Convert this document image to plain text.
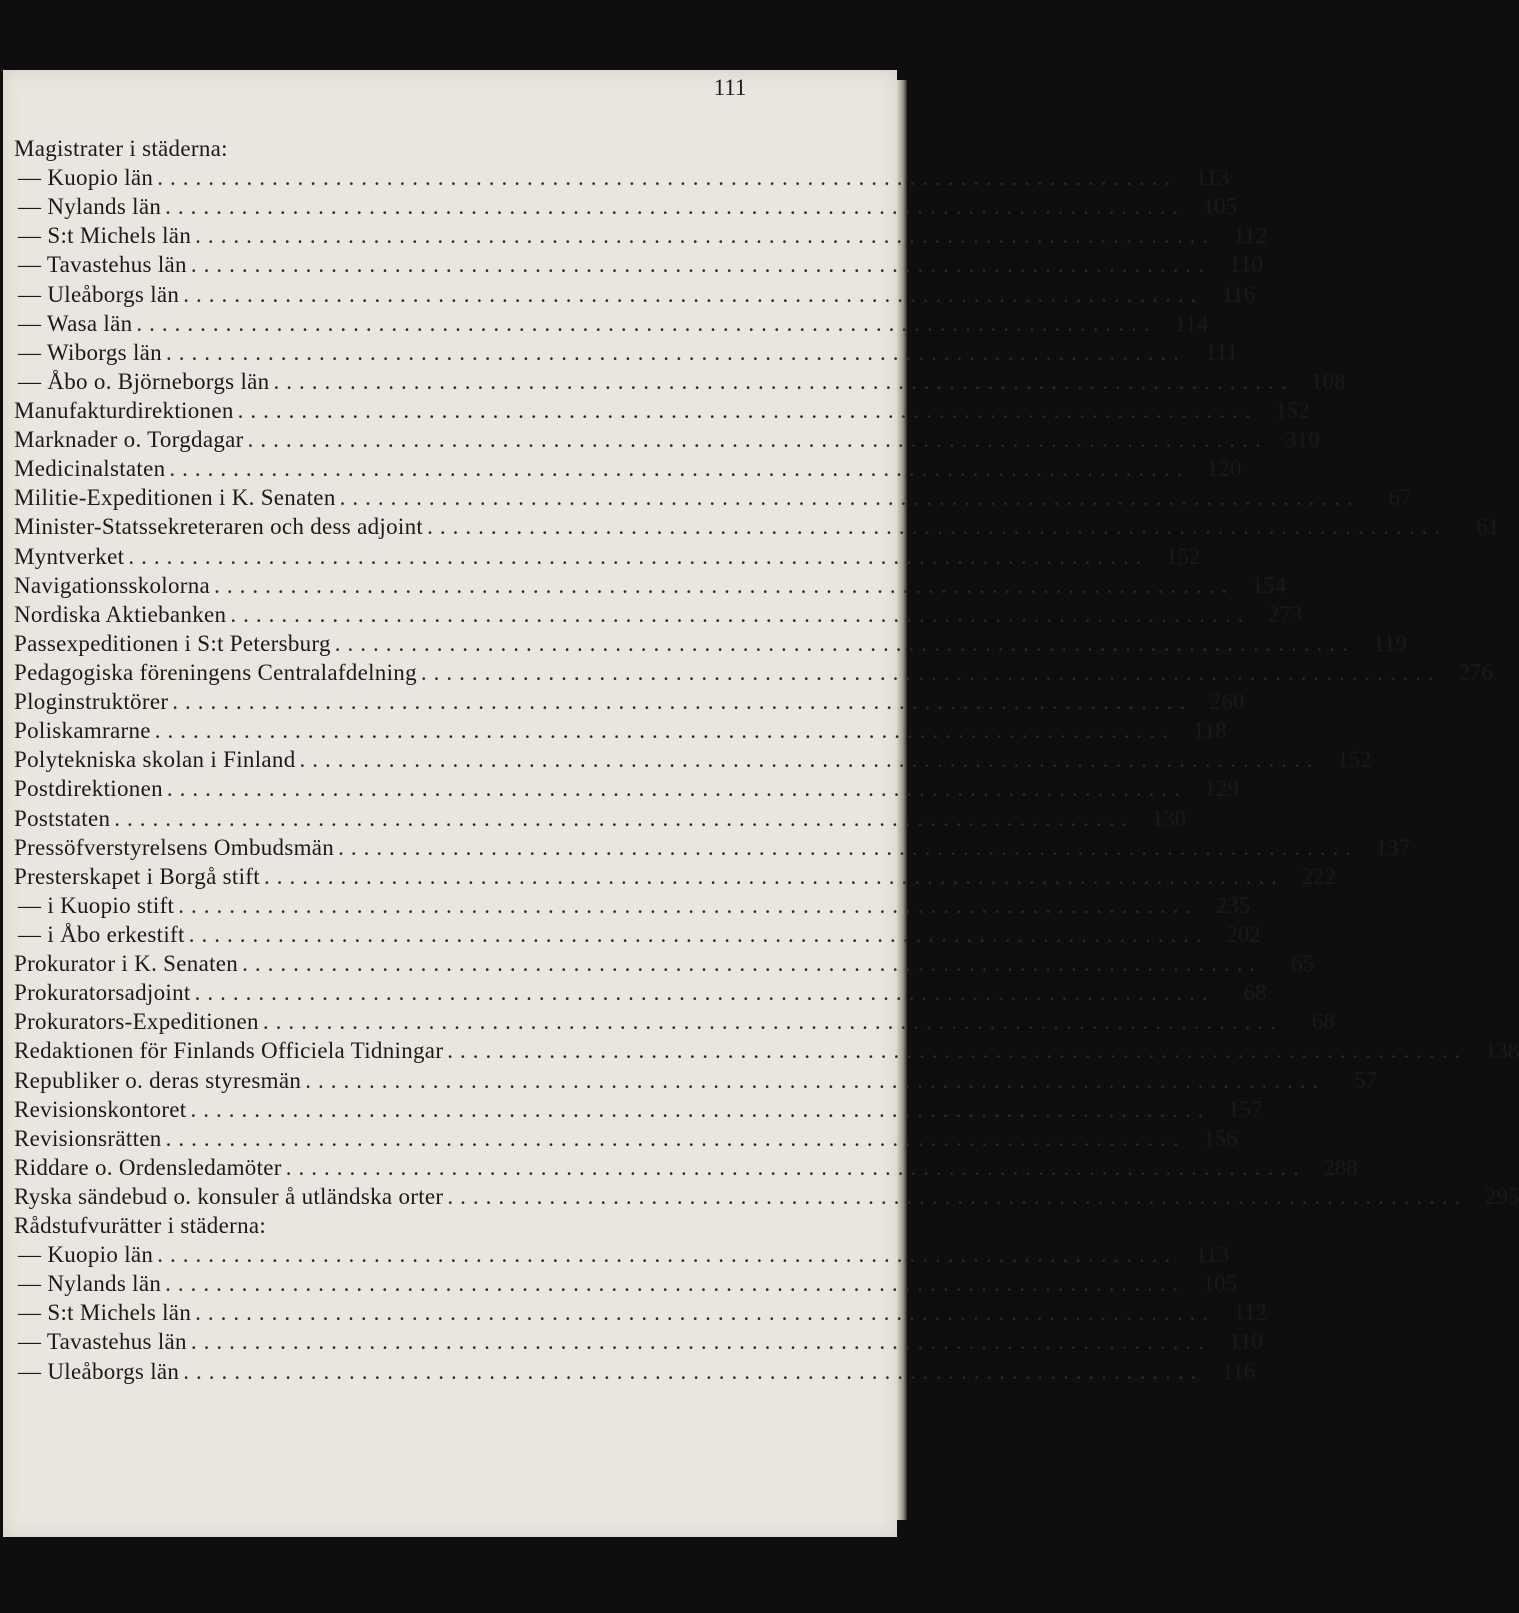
111
Magistrater i städerna:
— Kuopio län ................................................................................ 113
— Nylands län ................................................................................ 105
— S:t Michels län ................................................................................ 112
— Tavastehus län ................................................................................ 110
— Uleåborgs län ................................................................................ 116
— Wasa län ................................................................................ 114
— Wiborgs län ................................................................................ 111
— Åbo o. Björneborgs län ................................................................................ 108
Manufakturdirektionen ................................................................................ 152
Marknader o. Torgdagar ................................................................................ 310
Medicinalstaten ................................................................................ 120
Militie-Expeditionen i K. Senaten ................................................................................	67
Minister-Statssekreteraren och dess adjoint ................................................................................	61
Myntverket ................................................................................ 152
Navigationsskolorna ................................................................................ 154
Nordiska Aktiebanken ................................................................................ 273
Passexpeditionen i S:t Petersburg ................................................................................ 119
Pedagogiska föreningens Centralafdelning ................................................................................ 276
Ploginstruktörer ................................................................................ 260
Poliskamrarne ................................................................................ 118
Polytekniska skolan i Finland ................................................................................ 152
Postdirektionen ................................................................................ 129
Poststaten ................................................................................ 130
Pressöfverstyrelsens Ombudsmän ................................................................................ 137
Presterskapet i Borgå stift ................................................................................ 222
— i Kuopio stift ................................................................................ 235
— i Åbo erkestift ................................................................................ 202
Prokurator i K. Senaten ................................................................................	65
Prokuratorsadjoint ................................................................................	68
Prokurators-Expeditionen ................................................................................	68
Redaktionen för Finlands Officiela Tidningar ................................................................................ 138
Republiker o. deras styresmän ................................................................................	57
Revisionskontoret ................................................................................ 157
Revisionsrätten ................................................................................ 156
Riddare o. Ordensledamöter ................................................................................ 288
Ryska sändebud o. konsuler å utländska orter ................................................................................ 295
Rådstufvurätter i städerna:
— Kuopio län ................................................................................ 113
— Nylands län ................................................................................ 105
— S:t Michels län ................................................................................ 112
— Tavastehus län ................................................................................ 110
— Uleåborgs län ................................................................................ 116
